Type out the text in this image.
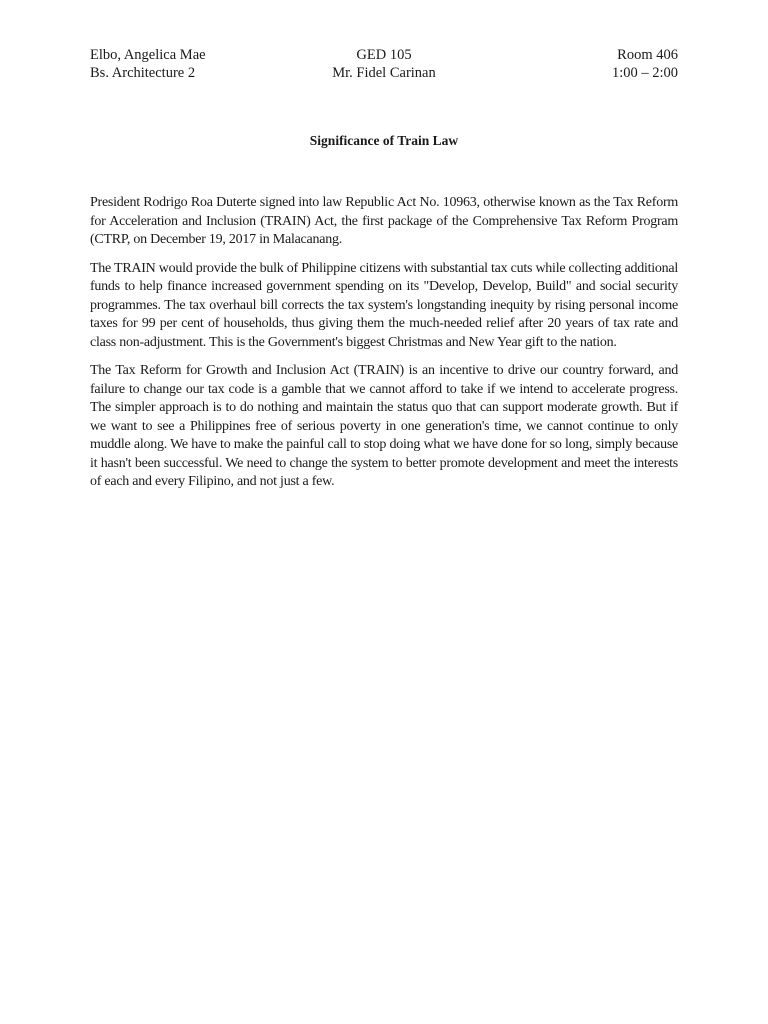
Elbo, Angelica Mae	GED 105	Room 406
Bs. Architecture 2	Mr. Fidel Carinan	1:00 – 2:00
Significance of Train Law

President Rodrigo Roa Duterte signed into law Republic Act No. 10963, otherwise known as the Tax Reform for Acceleration and Inclusion (TRAIN) Act, the first package of the Comprehensive Tax Reform Program (CTRP, on December 19, 2017 in Malacanang.

The TRAIN would provide the bulk of Philippine citizens with substantial tax cuts while collecting additional funds to help finance increased government spending on its "Develop, Develop, Build" and social security programmes. The tax overhaul bill corrects the tax system's longstanding inequity by rising personal income taxes for 99 per cent of households, thus giving them the much-needed relief after 20 years of tax rate and class non-adjustment. This is the Government's biggest Christmas and New Year gift to the nation.

The Tax Reform for Growth and Inclusion Act (TRAIN) is an incentive to drive our country forward, and failure to change our tax code is a gamble that we cannot afford to take if we intend to accelerate progress. The simpler approach is to do nothing and maintain the status quo that can support moderate growth. But if we want to see a Philippines free of serious poverty in one generation's time, we cannot continue to only muddle along. We have to make the painful call to stop doing what we have done for so long, simply because it hasn't been successful. We need to change the system to better promote development and meet the interests of each and every Filipino, and not just a few.
